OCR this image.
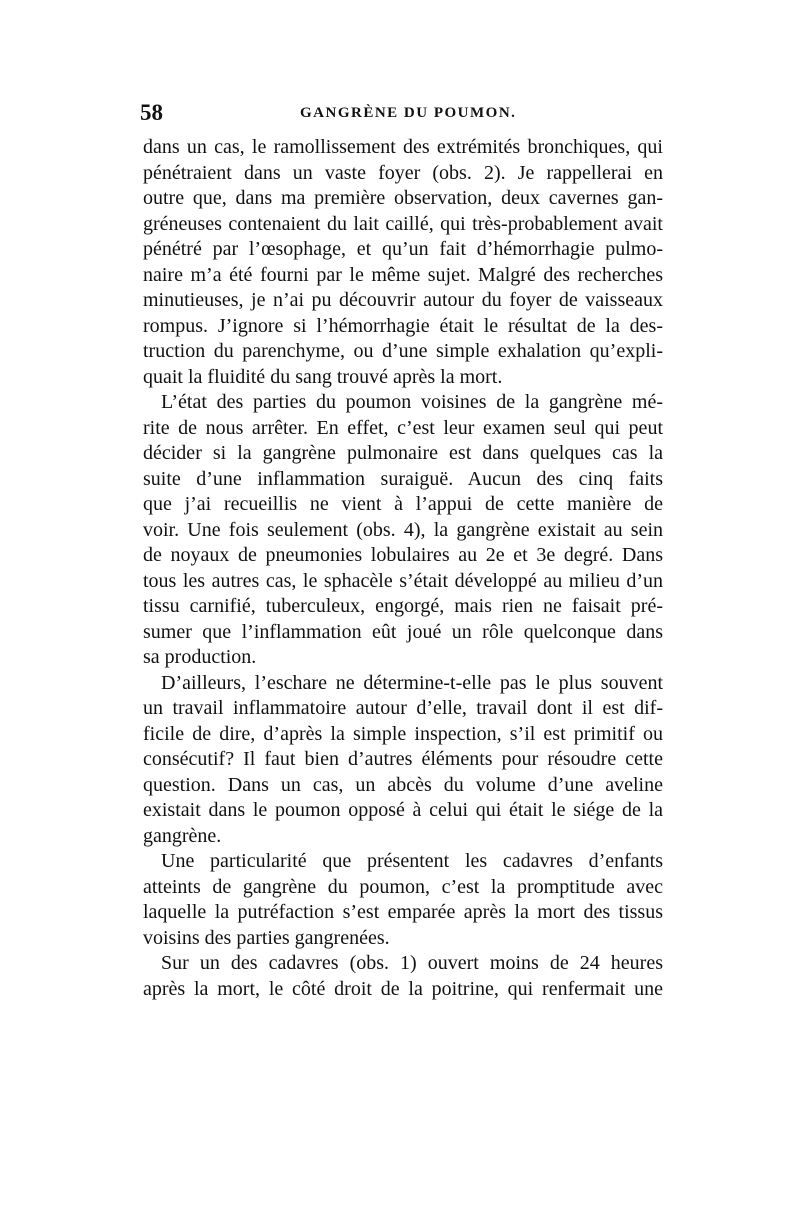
58	GANGRÈNE DU POUMON.
dans un cas, le ramollissement des extrémités bronchiques, qui
pénétraient dans un vaste foyer (obs. 2). Je rappellerai en
outre que, dans ma première observation, deux cavernes gan-
gréneuses contenaient du lait caillé, qui très-probablement avait
pénétré par l’œsophage, et qu’un fait d’hémorrhagie pulmo-
naire m’a été fourni par le même sujet. Malgré des recherches
minutieuses, je n’ai pu découvrir autour du foyer de vaisseaux
rompus. J’ignore si l’hémorrhagie était le résultat de la des-
truction du parenchyme, ou d’une simple exhalation qu’expli-
quait la fluidité du sang trouvé après la mort.
L’état des parties du poumon voisines de la gangrène mé-
rite de nous arrêter. En effet, c’est leur examen seul qui peut
décider si la gangrène pulmonaire est dans quelques cas la
suite d’une inflammation suraiguë. Aucun des cinq faits
que j’ai recueillis ne vient à l’appui de cette manière de
voir. Une fois seulement (obs. 4), la gangrène existait au sein
de noyaux de pneumonies lobulaires au 2e et 3e degré. Dans
tous les autres cas, le sphacèle s’était développé au milieu d’un
tissu carnifié, tuberculeux, engorgé, mais rien ne faisait pré-
sumer que l’inflammation eût joué un rôle quelconque dans
sa production.
D’ailleurs, l’eschare ne détermine-t-elle pas le plus souvent
un travail inflammatoire autour d’elle, travail dont il est dif-
ficile de dire, d’après la simple inspection, s’il est primitif ou
consécutif? Il faut bien d’autres éléments pour résoudre cette
question. Dans un cas, un abcès du volume d’une aveline
existait dans le poumon opposé à celui qui était le siége de la
gangrène.
Une particularité que présentent les cadavres d’enfants
atteints de gangrène du poumon, c’est la promptitude avec
laquelle la putréfaction s’est emparée après la mort des tissus
voisins des parties gangrenées.
Sur un des cadavres (obs. 1) ouvert moins de 24 heures
après la mort, le côté droit de la poitrine, qui renfermait une
